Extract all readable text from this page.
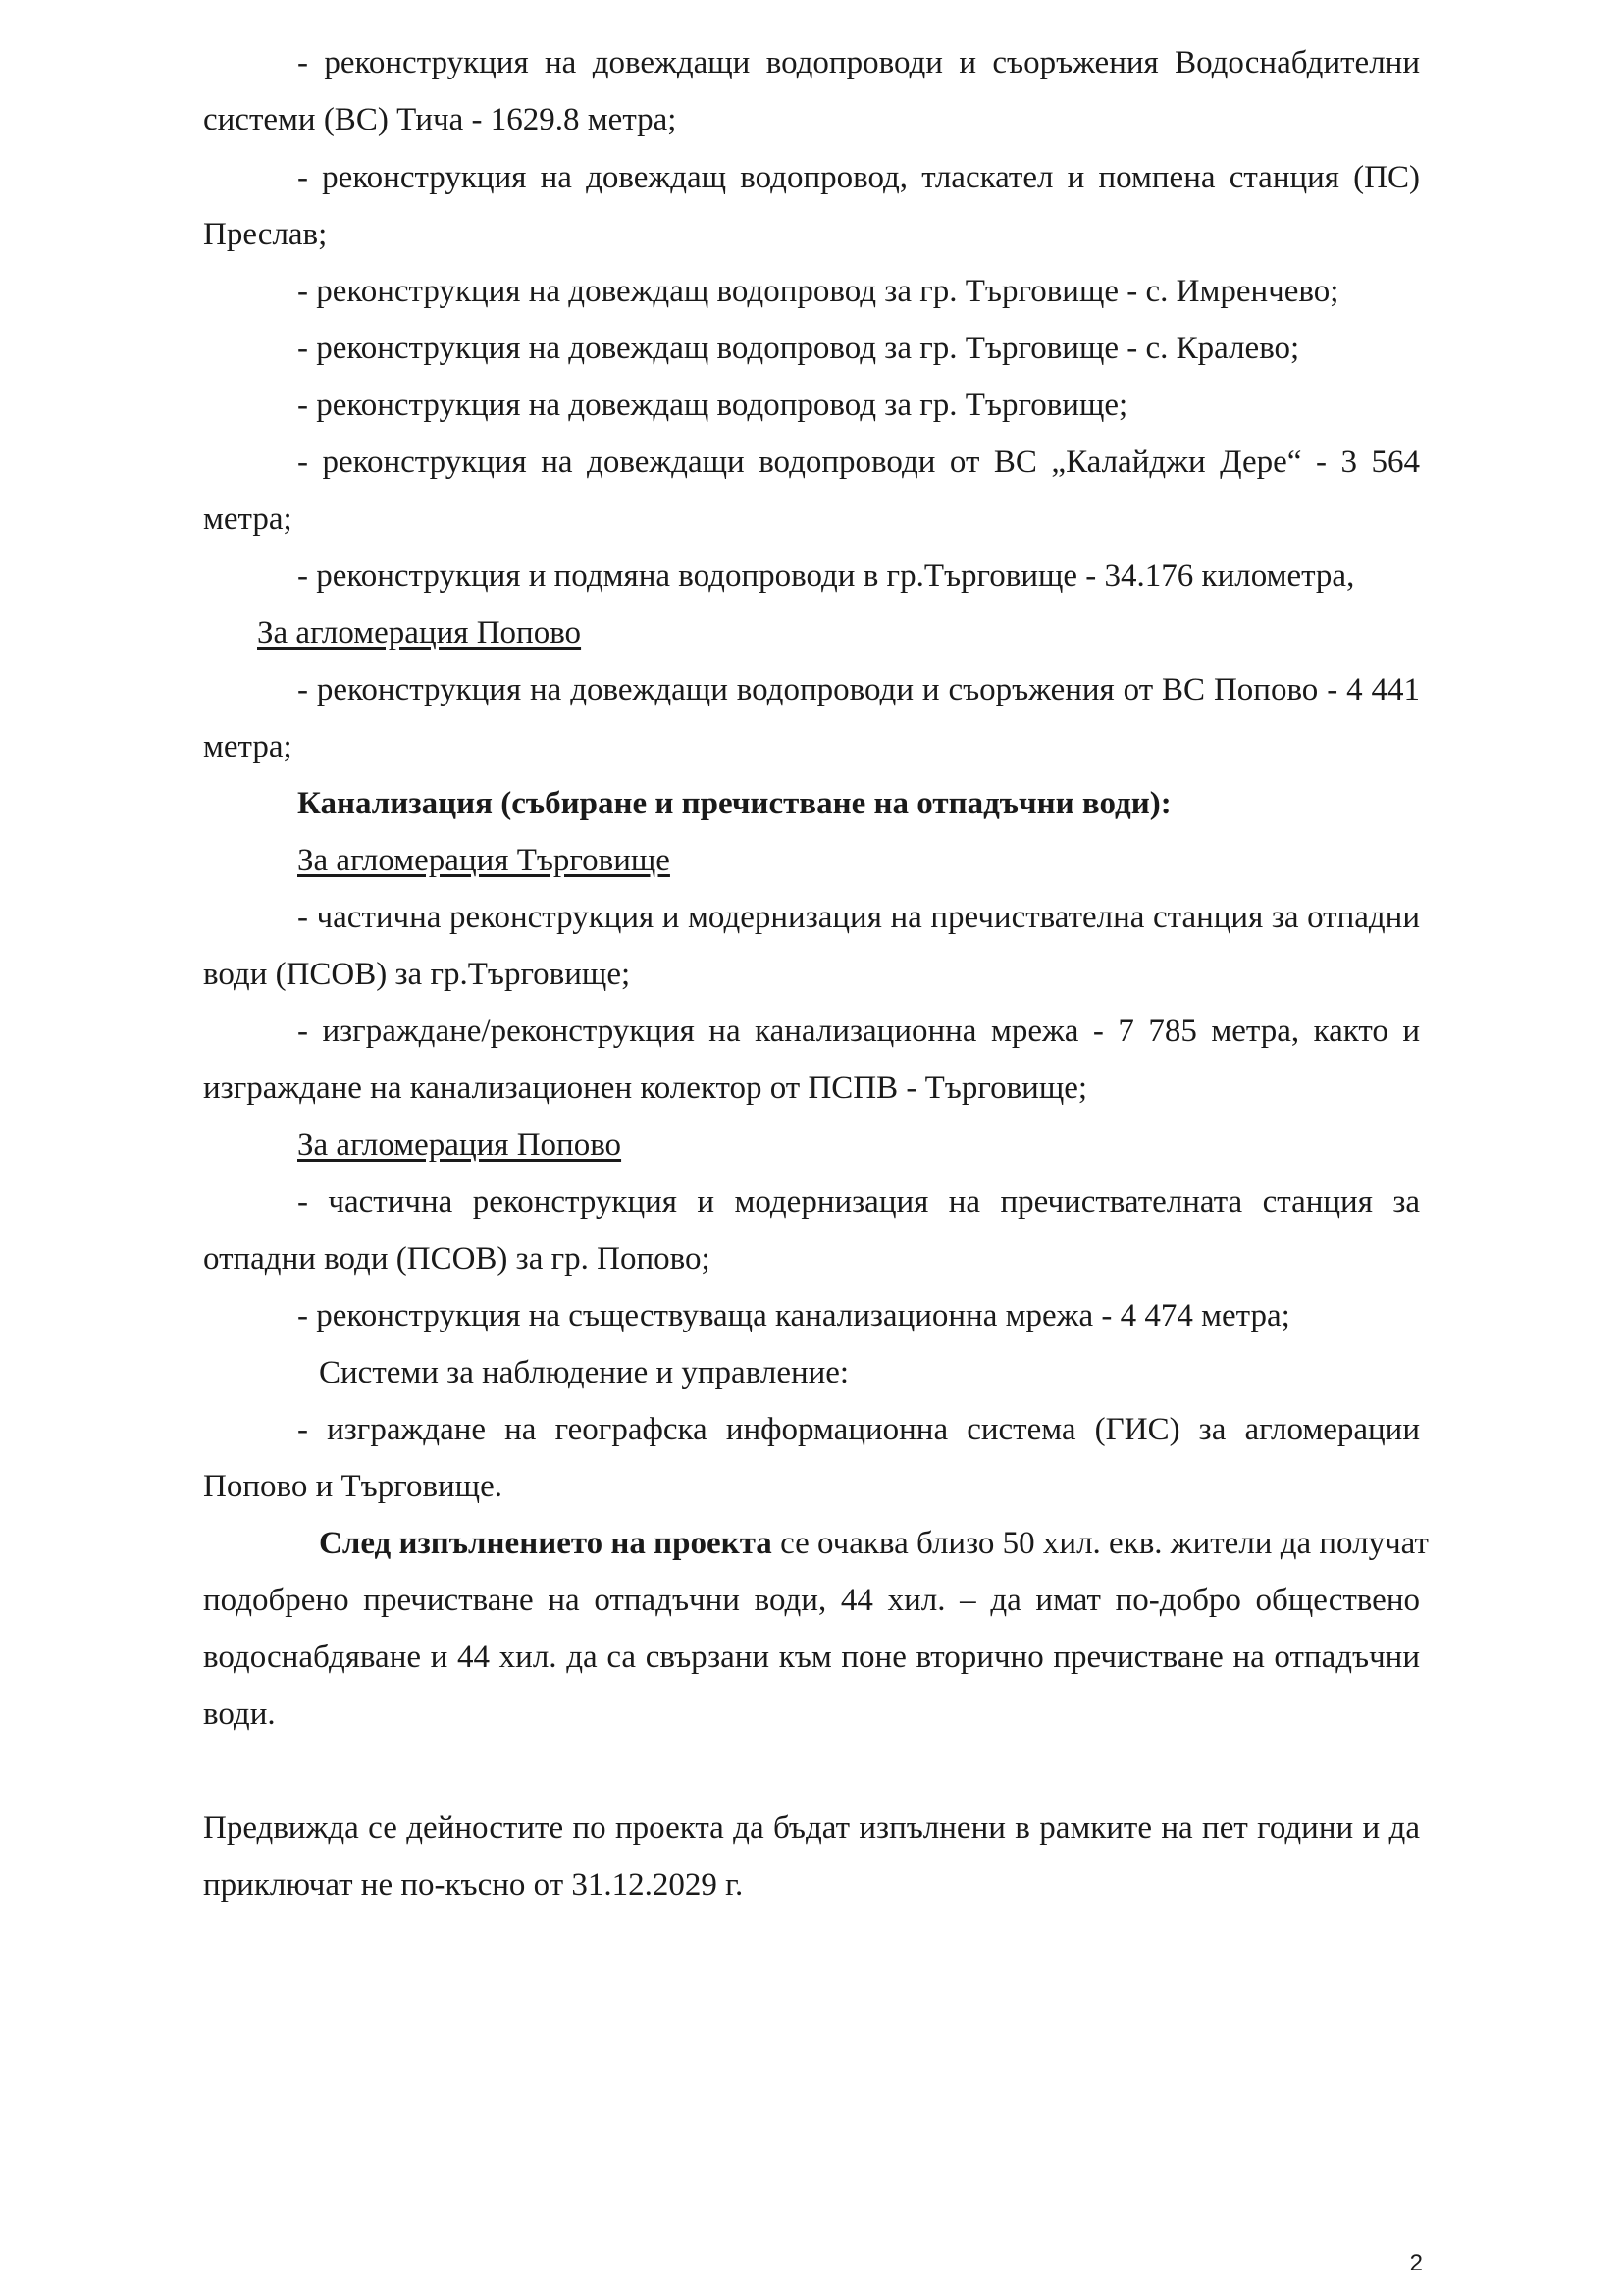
- реконструкция на довеждащи водопроводи и съоръжения Водоснабдителни
системи (ВС) Тича - 1629.8 метра;
- реконструкция на довеждащ водопровод, тласкател и помпена станция (ПС)
Преслав;
- реконструкция на довеждащ водопровод за гр. Търговище - с. Имренчево;
- реконструкция на довеждащ водопровод за гр. Търговище - с. Кралево;
- реконструкция на довеждащ водопровод за гр. Търговище;
- реконструкция на довеждащи водопроводи от ВС „Калайджи Дере“ - 3 564
метра;
- реконструкция и подмяна водопроводи в гр.Търговище - 34.176 километра,
За агломерация Попово
- реконструкция на довеждащи водопроводи и съоръжения от ВС Попово - 4 441
метра;
Канализация (събиране и пречистване на отпадъчни води):
За агломерация Търговище
- частична реконструкция и модернизация на пречиствателна станция за отпадни
води (ПСОВ) за гр.Търговище;
- изграждане/реконструкция на канализационна мрежа - 7 785 метра, както и
изграждане на канализационен колектор от ПСПВ - Търговище;
За агломерация Попово
- частична реконструкция и модернизация на пречиствателната станция за
отпадни води (ПСОВ) за гр. Попово;
- реконструкция на съществуваща канализационна мрежа - 4 474 метра;
Системи за наблюдение и управление:
- изграждане на географска информационна система (ГИС) за агломерации
Попово и Търговище.
След изпълнението на проекта се очаква близо 50 хил. екв. жители да получат
подобрено пречистване на отпадъчни води, 44 хил. – да имат по-добро обществено
водоснабдяване и 44 хил. да са свързани към поне вторично пречистване на отпадъчни
води.
Предвижда се дейностите по проекта да бъдат изпълнени в рамките на пет години и да
приключат не по-късно от 31.12.2029 г.
2
